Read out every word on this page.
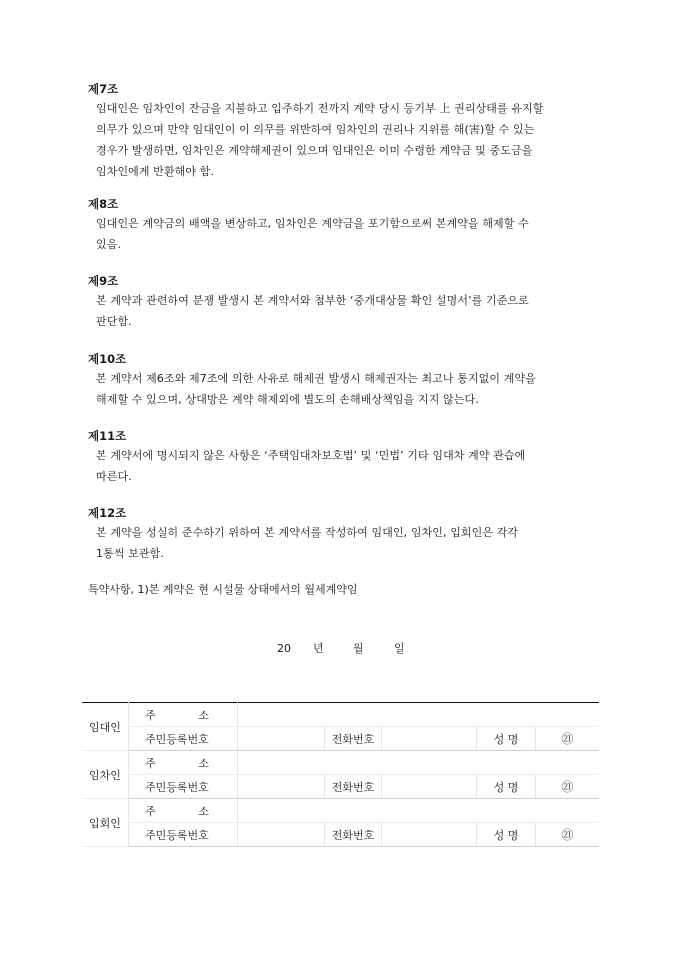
제7조
임대인은 임차인이 잔금을 지불하고 입주하기 전까지 계약 당시 등기부 上 권리상태를 유지할
의무가 있으며 만약 임대인이 이 의무를 위반하여 임차인의 권리나 지위를 해(害)할 수 있는
경우가 발생하면, 임차인은 계약해제권이 있으며 임대인은 이미 수령한 계약금 및 중도금을
임차인에게 반환해야 함.
제8조
임대인은 계약금의 배액을 변상하고, 임차인은 계약금을 포기함으로써 본계약을 해제할 수
있음.
제9조
본 계약과 관련하여 분쟁 발생시 본 계약서와 첨부한 ‘중개대상물 확인 설명서’를 기준으로
판단함.
제10조
본 계약서 제6조와 제7조에 의한 사유로 해제권 발생시 해제권자는 최고나 통지없이 계약을
해제할 수 있으며, 상대방은 계약 해제외에 별도의 손해배상책임을 지지 않는다.
제11조
본 계약서에 명시되지 않은 사항은 ‘주택임대차보호법’ 및 ‘민법’ 기타 임대차 계약 관습에
따른다.
제12조
본 계약을 성실히 준수하기 위하여 본 계약서를 작성하여 임대인, 임차인, 입회인은 각각
1통씩 보관함.
특약사항, 1)본 계약은 현 시설물 상태에서의 월세계약임
20 년	월	일
임대인	주 소					

	주민등록번호		전화번호		성 명	㉑
임차인	주 소					

	주민등록번호		전화번호		성 명	㉑
입회인	주 소					

	주민등록번호		전화번호		성 명	㉑
